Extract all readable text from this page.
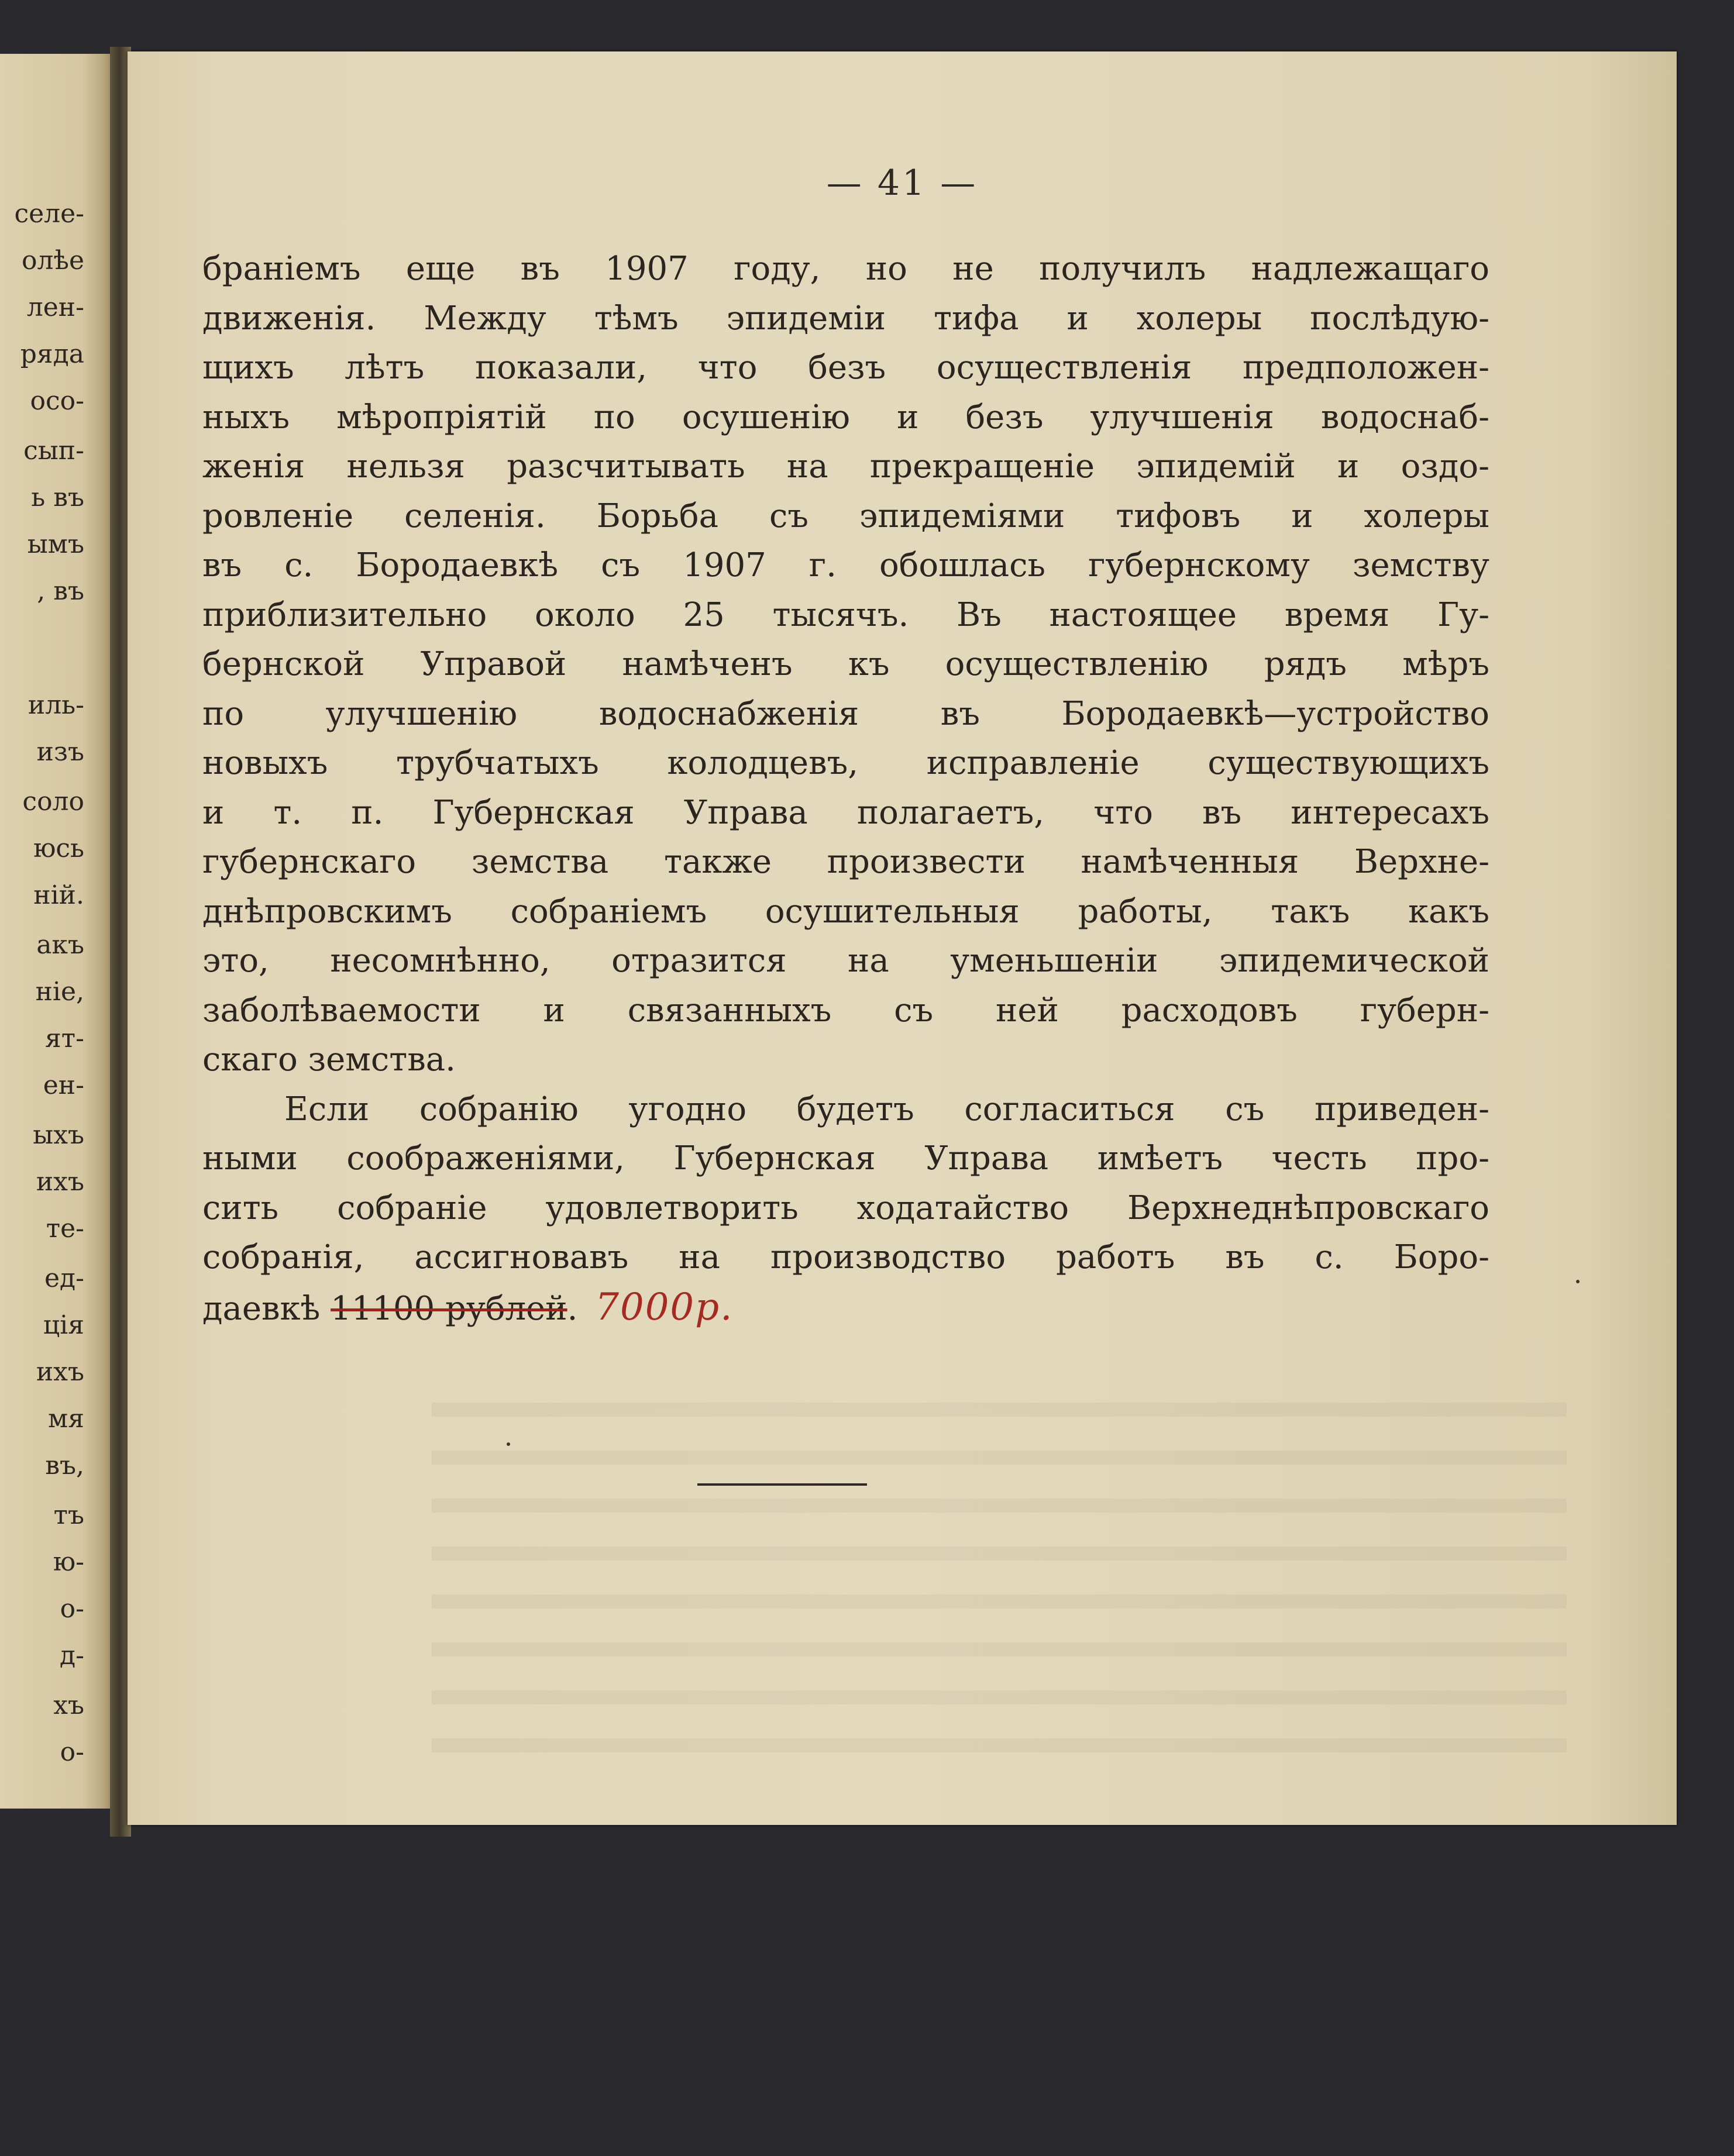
селе-
олѣе
лен-
ряда
осо-
сып-
ь въ
ымъ
, въ
иль-
изъ
соло
юсь
ній.
акъ
ніе,
ят-
ен-
ыхъ
ихъ
те-
ед-
ція
ихъ
мя
въ,
тъ
ю-
о-
д-
хъ
о-
— 41 —
браніемъ еще въ 1907 году, но не получилъ надлежащаго
движенія. Между тѣмъ эпидеміи тифа и холеры послѣдую-
щихъ лѣтъ показали, что безъ осуществленія предположен-
ныхъ мѣропріятій по осушенію и безъ улучшенія водоснаб-
женія нельзя разсчитывать на прекращеніе эпидемій и оздо-
ровленіе селенія. Борьба съ эпидеміями тифовъ и холеры
въ с. Бородаевкѣ съ 1907 г. обошлась губернскому земству
приблизительно около 25 тысячъ. Въ настоящее время Гу-
бернской Управой намѣченъ къ осуществленію рядъ мѣръ
по улучшенію водоснабженія въ Бородаевкѣ—устройство
новыхъ трубчатыхъ колодцевъ, исправленіе существующихъ
и т. п. Губернская Управа полагаетъ, что въ интересахъ
губернскаго земства также произвести намѣченныя Верхне-
днѣпровскимъ собраніемъ осушительныя работы, такъ какъ
это, несомнѣнно, отразится на уменьшеніи эпидемической
заболѣваемости и связанныхъ съ ней расходовъ губерн-
скаго земства.
Если собранію угодно будетъ согласиться съ приведен-
ными соображеніями, Губернская Управа имѣетъ честь про-
сить собраніе удовлетворить ходатайство Верхнеднѣпровскаго
собранія, ассигновавъ на производство работъ въ с. Боро-
даевкѣ 11100 рублей. 7000р.
